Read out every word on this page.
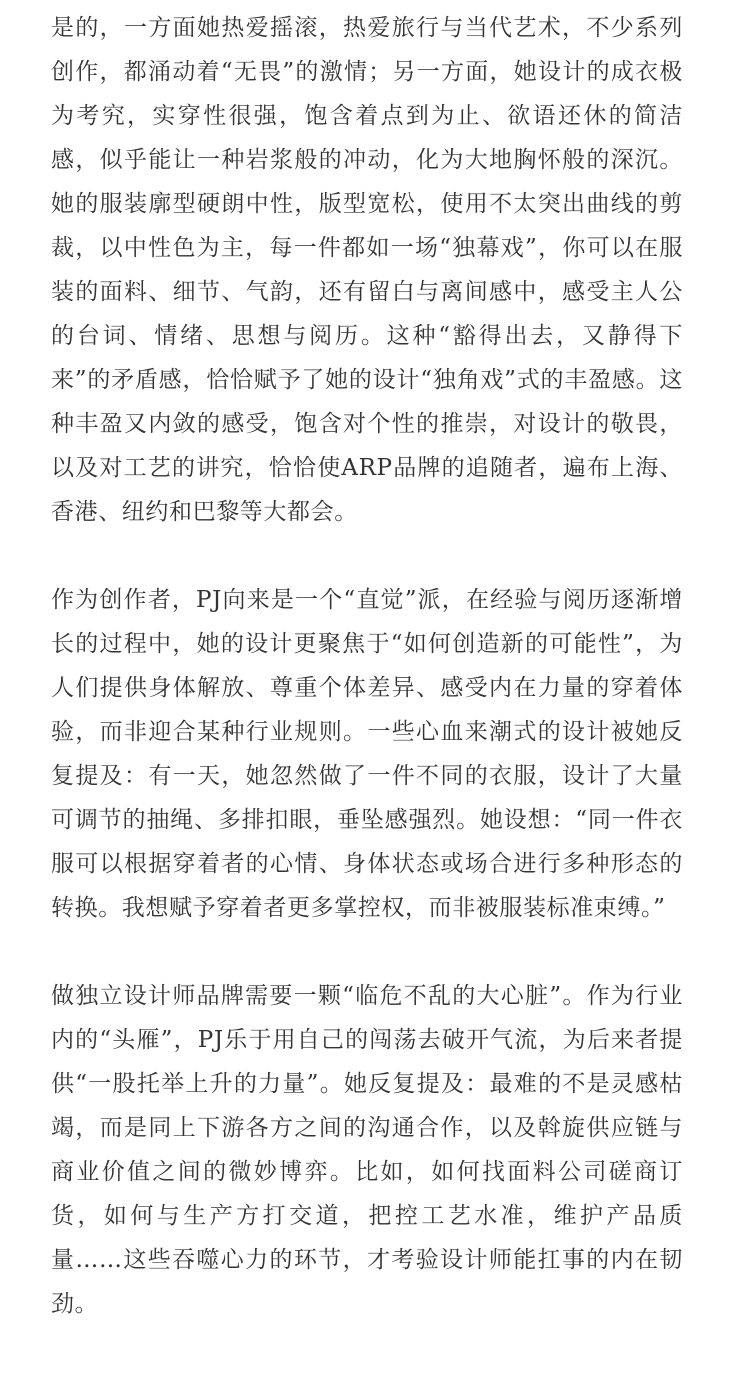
是的，一方面她热爱摇滚，热爱旅行与当代艺术，不少系列创作，都涌动着“无畏”的激情；另一方面，她设计的成衣极为考究，实穿性很强，饱含着点到为止、欲语还休的简洁感，似乎能让一种岩浆般的冲动，化为大地胸怀般的深沉。她的服装廓型硬朗中性，版型宽松，使用不太突出曲线的剪裁，以中性色为主，每一件都如一场“独幕戏”，你可以在服装的面料、细节、气韵，还有留白与离间感中，感受主人公的台词、情绪、思想与阅历。这种“豁得出去，又静得下来”的矛盾感，恰恰赋予了她的设计“独角戏”式的丰盈感。这种丰盈又内敛的感受，饱含对个性的推崇，对设计的敬畏，以及对工艺的讲究，恰恰使ARP品牌的追随者，遍布上海、香港、纽约和巴黎等大都会。

作为创作者，PJ向来是一个“直觉”派，在经验与阅历逐渐增长的过程中，她的设计更聚焦于“如何创造新的可能性”，为人们提供身体解放、尊重个体差异、感受内在力量的穿着体验，而非迎合某种行业规则。一些心血来潮式的设计被她反复提及：有一天，她忽然做了一件不同的衣服，设计了大量可调节的抽绳、多排扣眼，垂坠感强烈。她设想：“同一件衣服可以根据穿着者的心情、身体状态或场合进行多种形态的转换。我想赋予穿着者更多掌控权，而非被服装标准束缚。”

做独立设计师品牌需要一颗“临危不乱的大心脏”。作为行业内的“头雁”，PJ乐于用自己的闯荡去破开气流，为后来者提供“一股托举上升的力量”。她反复提及：最难的不是灵感枯竭，而是同上下游各方之间的沟通合作，以及斡旋供应链与商业价值之间的微妙博弈。比如，如何找面料公司磋商订货，如何与生产方打交道，把控工艺水准，维护产品质量……这些吞噬心力的环节，才考验设计师能扛事的内在韧劲。
